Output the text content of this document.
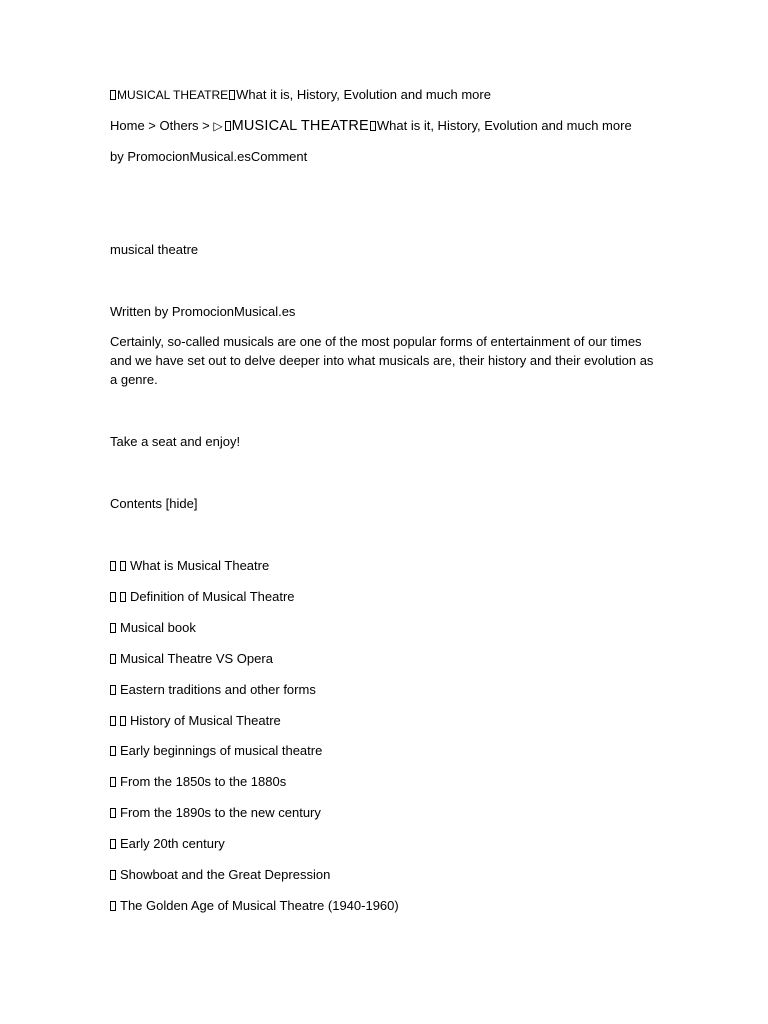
MUSICAL THEATRE What it is, History, Evolution and much more
Home > Others > ▷ MUSICAL THEATRE What is it, History, Evolution and much more
by PromocionMusical.esComment
musical theatre
Written by PromocionMusical.es
Certainly, so-called musicals are one of the most popular forms of entertainment of our times and we have set out to delve deeper into what musicals are, their history and their evolution as a genre.
Take a seat and enjoy!
Contents [hide]
What is Musical Theatre
Definition of Musical Theatre
Musical book
Musical Theatre VS Opera
Eastern traditions and other forms
History of Musical Theatre
Early beginnings of musical theatre
From the 1850s to the 1880s
From the 1890s to the new century
Early 20th century
Showboat and the Great Depression
The Golden Age of Musical Theatre (1940-1960)
